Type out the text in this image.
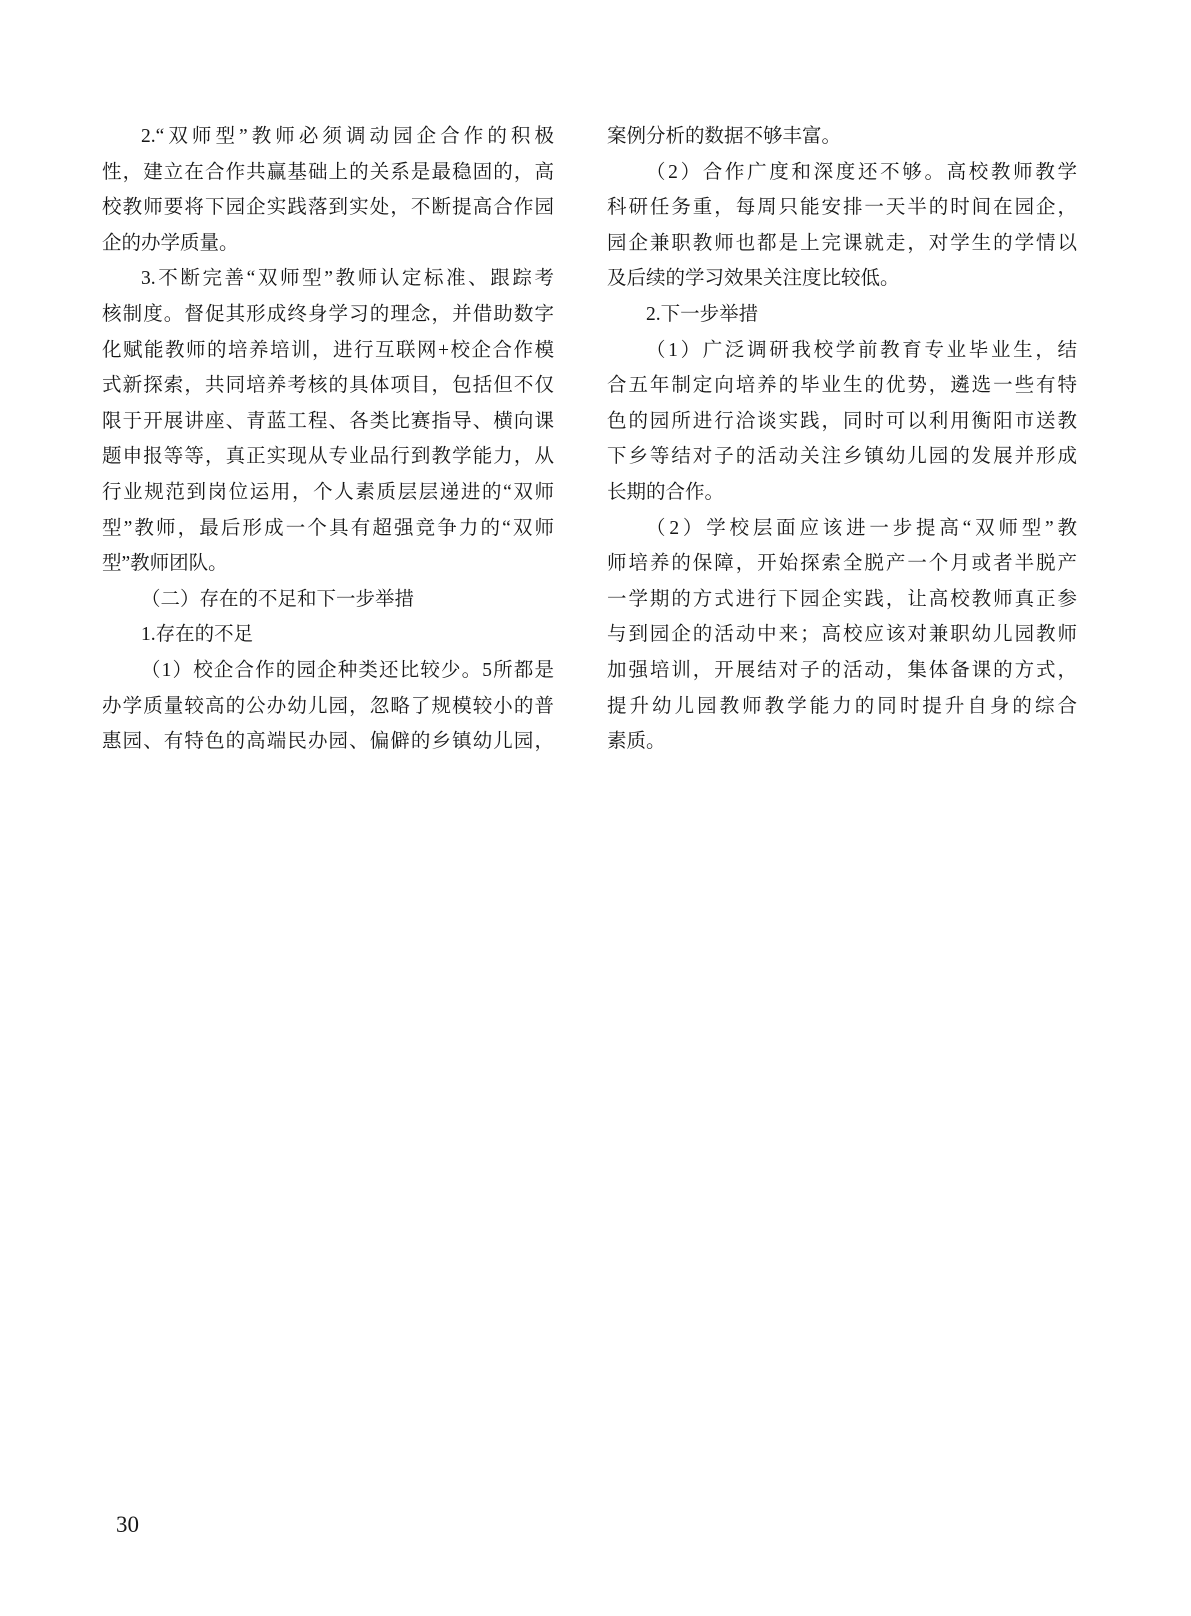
2.“双师型”教师必须调动园企合作的积极
性，建立在合作共赢基础上的关系是最稳固的，高
校教师要将下园企实践落到实处，不断提高合作园
企的办学质量。
3.不断完善“双师型”教师认定标准、跟踪考
核制度。督促其形成终身学习的理念，并借助数字
化赋能教师的培养培训，进行互联网+校企合作模
式新探索，共同培养考核的具体项目，包括但不仅
限于开展讲座、青蓝工程、各类比赛指导、横向课
题申报等等，真正实现从专业品行到教学能力，从
行业规范到岗位运用，个人素质层层递进的“双师
型”教师，最后形成一个具有超强竞争力的“双师
型”教师团队。
（二）存在的不足和下一步举措
1.存在的不足
（1）校企合作的园企种类还比较少。5所都是
办学质量较高的公办幼儿园，忽略了规模较小的普
惠园、有特色的高端民办园、偏僻的乡镇幼儿园，
案例分析的数据不够丰富。
（2）合作广度和深度还不够。高校教师教学
科研任务重，每周只能安排一天半的时间在园企，
园企兼职教师也都是上完课就走，对学生的学情以
及后续的学习效果关注度比较低。
2.下一步举措
（1）广泛调研我校学前教育专业毕业生，结
合五年制定向培养的毕业生的优势，遴选一些有特
色的园所进行洽谈实践，同时可以利用衡阳市送教
下乡等结对子的活动关注乡镇幼儿园的发展并形成
长期的合作。
（2）学校层面应该进一步提高“双师型”教
师培养的保障，开始探索全脱产一个月或者半脱产
一学期的方式进行下园企实践，让高校教师真正参
与到园企的活动中来；高校应该对兼职幼儿园教师
加强培训，开展结对子的活动，集体备课的方式，
提升幼儿园教师教学能力的同时提升自身的综合
素质。
30
